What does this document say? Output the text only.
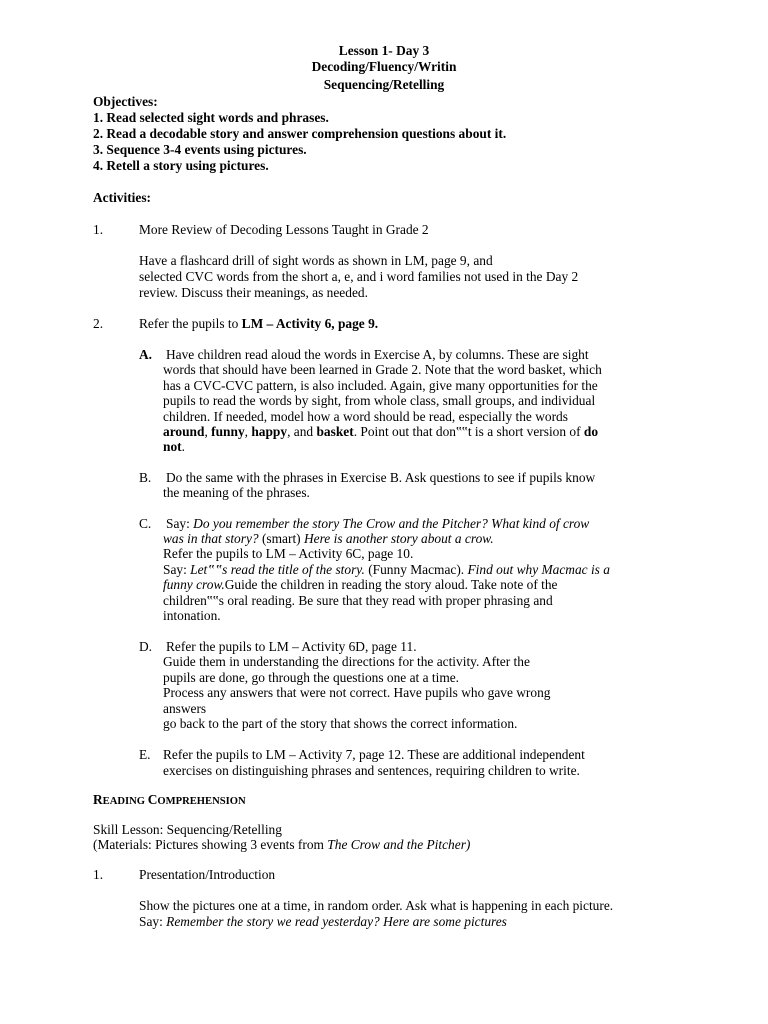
Lesson 1- Day 3
Decoding/Fluency/Writin
Sequencing/Retelling
Objectives:
1. Read selected sight words and phrases.
2. Read a decodable story and answer comprehension questions about it.
3. Sequence 3-4 events using pictures.
4. Retell a story using pictures.
Activities:
1.	More Review of Decoding Lessons Taught in Grade 2
Have a flashcard drill of sight words as shown in LM, page 9, and
selected CVC words from the short a, e, and i word families not used in the Day 2
review. Discuss their meanings, as needed.
2.	Refer the pupils to LM – Activity 6, page 9.
A. Have children read aloud the words in Exercise A, by columns. These are sight
words that should have been learned in Grade 2. Note that the word basket, which
has a CVC-CVC pattern, is also included. Again, give many opportunities for the
pupils to read the words by sight, from whole class, small groups, and individual
children. If needed, model how a word should be read, especially the words
around, funny, happy, and basket. Point out that don‟‟t is a short version of do
not.
B. Do the same with the phrases in Exercise B. Ask questions to see if pupils know
the meaning of the phrases.
C. Say: Do you remember the story The Crow and the Pitcher? What kind of crow
was in that story? (smart) Here is another story about a crow.
Refer the pupils to LM – Activity 6C, page 10.
Say: Let‟‟s read the title of the story. (Funny Macmac). Find out why Macmac is a
funny crow.Guide the children in reading the story aloud. Take note of the
children‟‟s oral reading. Be sure that they read with proper phrasing and
intonation.
D. Refer the pupils to LM – Activity 6D, page 11.
Guide them in understanding the directions for the activity. After the
pupils are done, go through the questions one at a time.
Process any answers that were not correct. Have pupils who gave wrong
answers
go back to the part of the story that shows the correct information.
E. Refer the pupils to LM – Activity 7, page 12. These are additional independent
exercises on distinguishing phrases and sentences, requiring children to write.
READING COMPREHENSION
Skill Lesson: Sequencing/Retelling
(Materials: Pictures showing 3 events from The Crow and the Pitcher)
1.	Presentation/Introduction
Show the pictures one at a time, in random order. Ask what is happening in each picture.
Say: Remember the story we read yesterday? Here are some pictures
